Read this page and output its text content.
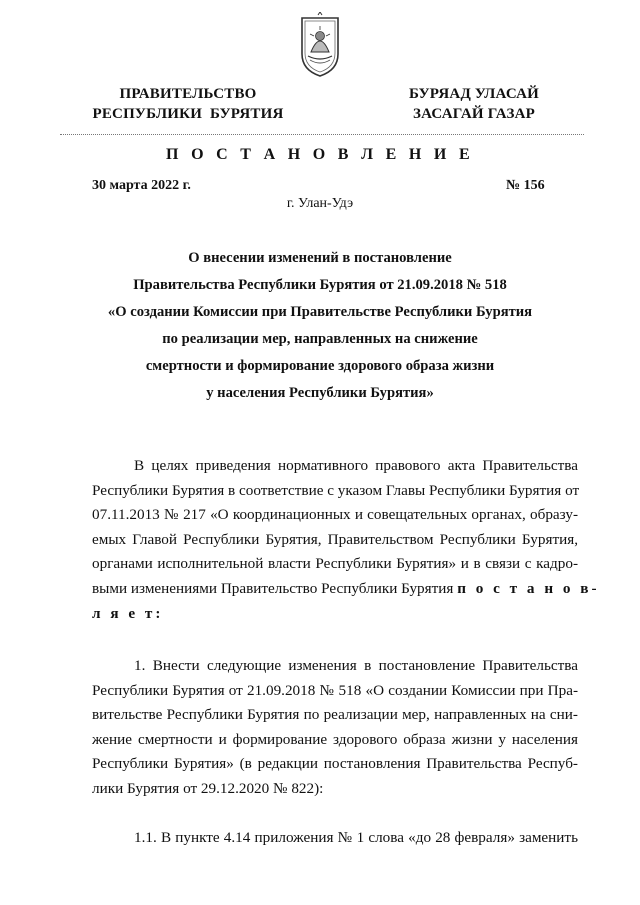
ПРАВИТЕЛЬСТВО
РЕСПУБЛИКИ  БУРЯТИЯ
БУРЯАД УЛАСАЙ
ЗАСАГАЙ ГАЗАР
П О С Т А Н О В Л Е Н И Е
30 марта 2022 г.	№ 156
г. Улан-Удэ
О внесении изменений в постановление
Правительства Республики Бурятия от 21.09.2018 № 518
«О создании Комиссии при Правительстве Республики Бурятия
по реализации мер, направленных на снижение
смертности и формирование здорового образа жизни
у населения Республики Бурятия»
В целях приведения нормативного правового акта Правительства
Республики Бурятия в соответствие с указом Главы Республики Бурятия от
07.11.2013 № 217 «О координационных и совещательных органах, образу-
емых Главой Республики Бурятия, Правительством Республики Бурятия,
органами исполнительной власти Республики Бурятия» и в связи с кадро-
выми изменениями Правительство Республики Бурятия п о с т а н о в-
л я е т:
1. Внести следующие изменения в постановление Правительства
Республики Бурятия от 21.09.2018 № 518 «О создании Комиссии при Пра-
вительстве Республики Бурятия по реализации мер, направленных на сни-
жение смертности и формирование здорового образа жизни у населения
Республики Бурятия» (в редакции постановления Правительства Респуб-
лики Бурятия от 29.12.2020 № 822):
1.1. В пункте 4.14 приложения № 1 слова «до 28 февраля» заменить
